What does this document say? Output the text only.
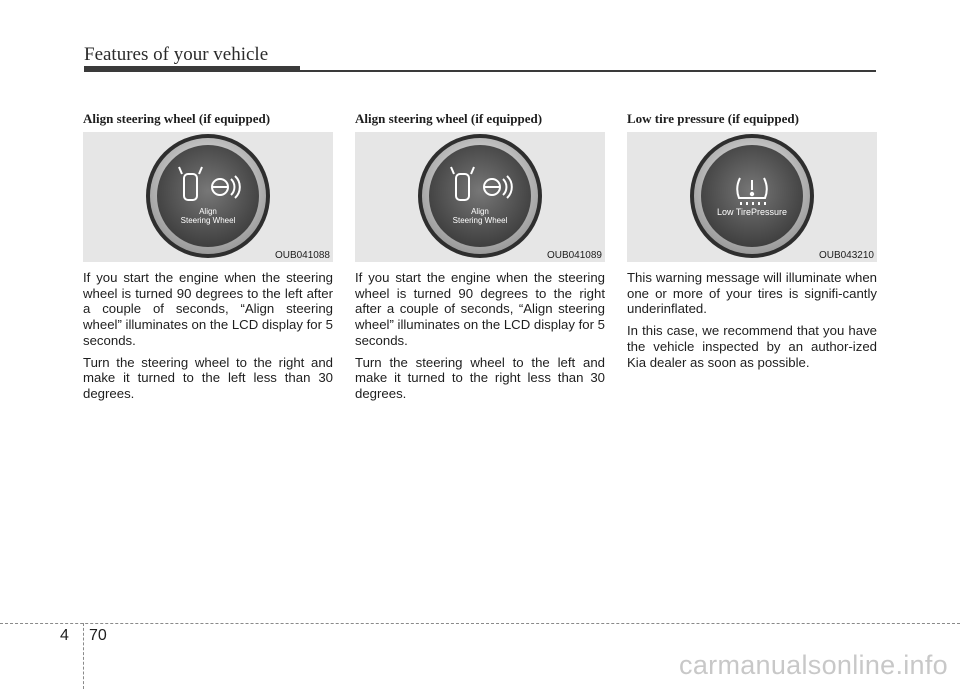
Features of your vehicle
Align steering wheel (if equipped)
Align
Steering Wheel
OUB041088

If you start the engine when the steering wheel is turned 90 degrees to the left after a couple of seconds, “Align steering wheel” illuminates on the LCD display for 5 seconds.

Turn the steering wheel to the right and make it turned to the left less than 30 degrees.

Align steering wheel (if equipped)
Align
Steering Wheel
OUB041089

If you start the engine when the steering wheel is turned 90 degrees to the right after a couple of seconds, “Align steering wheel” illuminates on the LCD display for 5 seconds.

Turn the steering wheel to the left and make it turned to the right less than 30 degrees.

Low tire pressure (if equipped)
Low TirePressure
OUB043210

This warning message will illuminate when one or more of your tires is signifi-cantly underinflated.

In this case, we recommend that you have the vehicle inspected by an author-ized Kia dealer as soon as possible.

4 70
carmanualsonline.info
